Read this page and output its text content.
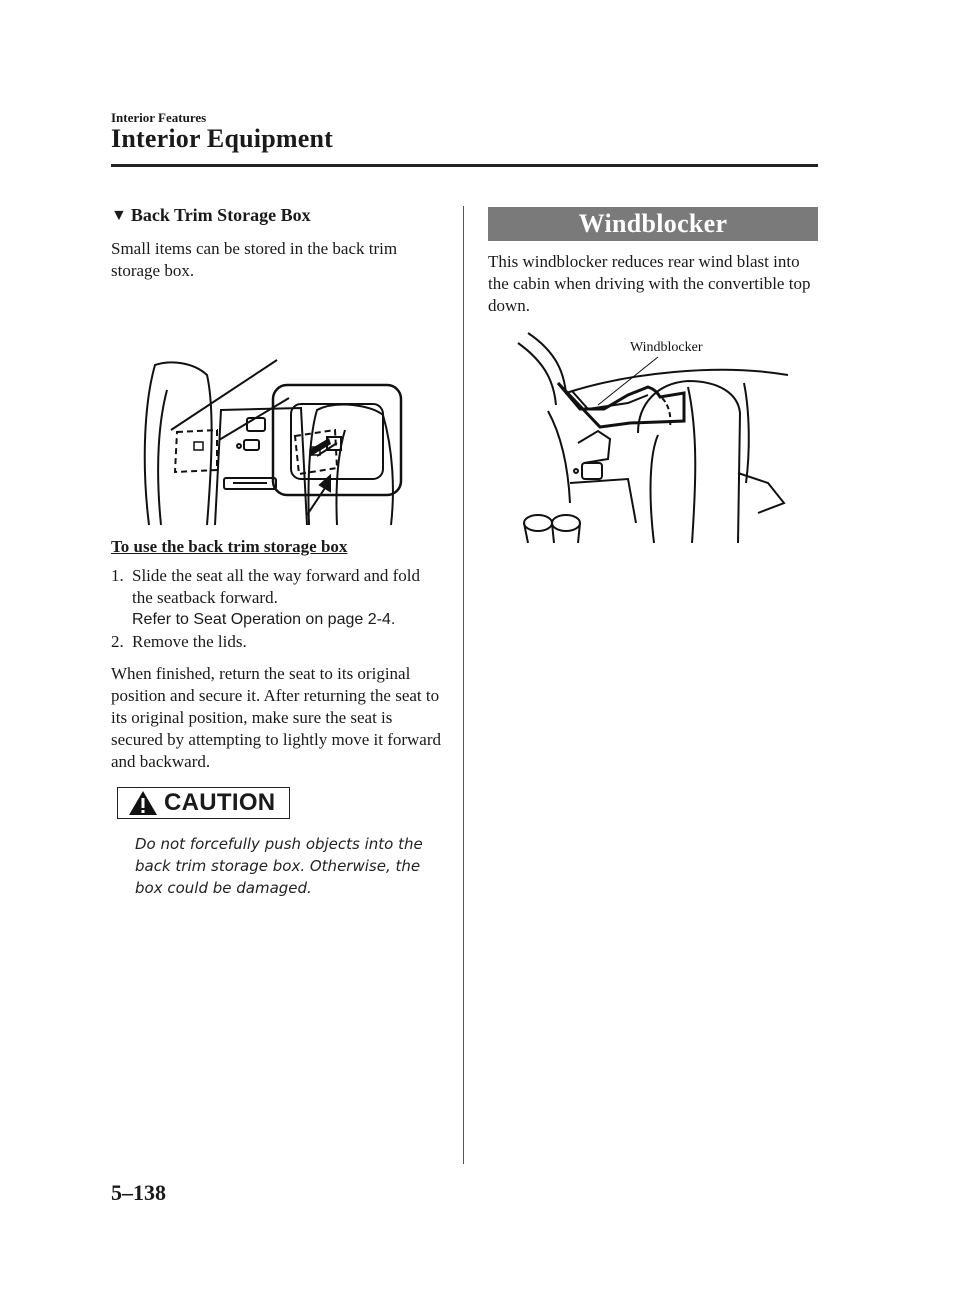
Interior Features
Interior Equipment
▼ Back Trim Storage Box

Small items can be stored in the back trim storage box.

To use the back trim storage box
1. Slide the seat all the way forward and fold the seatback forward.
Refer to Seat Operation on page 2-4.
2. Remove the lids.

When finished, return the seat to its original position and secure it. After returning the seat to its original position, make sure the seat is secured by attempting to lightly move it forward and backward.

CAUTION

Do not forcefully push objects into the back trim storage box. Otherwise, the box could be damaged.

Windblocker

This windblocker reduces rear wind blast into the cabin when driving with the convertible top down.

Windblocker
5–138
